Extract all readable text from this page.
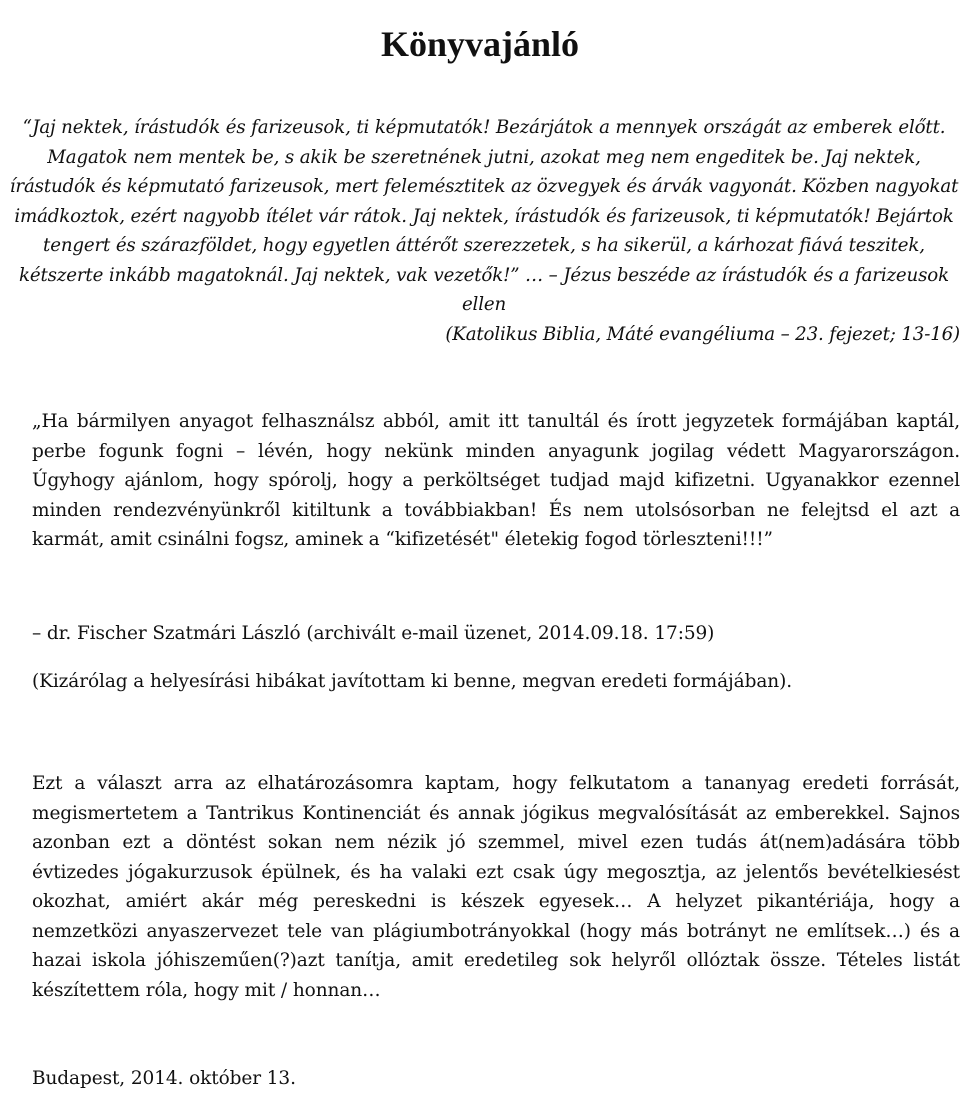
Könyvajánló
“Jaj nektek, írástudók és farizeusok, ti képmutatók! Bezárjátok a mennyek országát az emberek előtt. Magatok nem mentek be, s akik be szeretnének jutni, azokat meg nem engeditek be. Jaj nektek, írástudók és képmutató farizeusok, mert felemésztitek az özvegyek és árvák vagyonát. Közben nagyokat imádkoztok, ezért nagyobb ítélet vár rátok. Jaj nektek, írástudók és farizeusok, ti képmutatók! Bejártok tengert és szárazföldet, hogy egyetlen áttérőt szerezzetek, s ha sikerül, a kárhozat fiává teszitek, kétszerte inkább magatoknál. Jaj nektek, vak vezetők!” … – Jézus beszéde az írástudók és a farizeusok ellen
(Katolikus Biblia, Máté evangéliuma – 23. fejezet; 13-16)
„Ha bármilyen anyagot felhasználsz abból, amit itt tanultál és írott jegyzetek formájában kaptál, perbe fogunk fogni – lévén, hogy nekünk minden anyagunk jogilag védett Magyarországon. Úgyhogy ajánlom, hogy spórolj, hogy a perköltséget tudjad majd kifizetni. Ugyanakkor ezennel minden rendezvényünkről kitiltunk a továbbiakban! És nem utolsósorban ne felejtsd el azt a karmát, amit csinálni fogsz, aminek a “kifizetését" életekig fogod törleszteni!!!”
– dr. Fischer Szatmári László (archivált e-mail üzenet, 2014.09.18. 17:59)
(Kizárólag a helyesírási hibákat javítottam ki benne, megvan eredeti formájában).
Ezt a választ arra az elhatározásomra kaptam, hogy felkutatom a tananyag eredeti forrását, megismertetem a Tantrikus Kontinenciát és annak jógikus megvalósítását az emberekkel. Sajnos azonban ezt a döntést sokan nem nézik jó szemmel, mivel ezen tudás át(nem)adására több évtizedes jógakurzusok épülnek, és ha valaki ezt csak úgy megosztja, az jelentős bevételkiesést okozhat, amiért akár még pereskedni is készek egyesek… A helyzet pikantériája, hogy a nemzetközi anyaszervezet tele van plágiumbotrányokkal (hogy más botrányt ne említsek…) és a hazai iskola jóhiszeműen(?)azt tanítja, amit eredetileg sok helyről ollóztak össze. Tételes listát készítettem róla, hogy mit / honnan…
Budapest, 2014. október 13.
